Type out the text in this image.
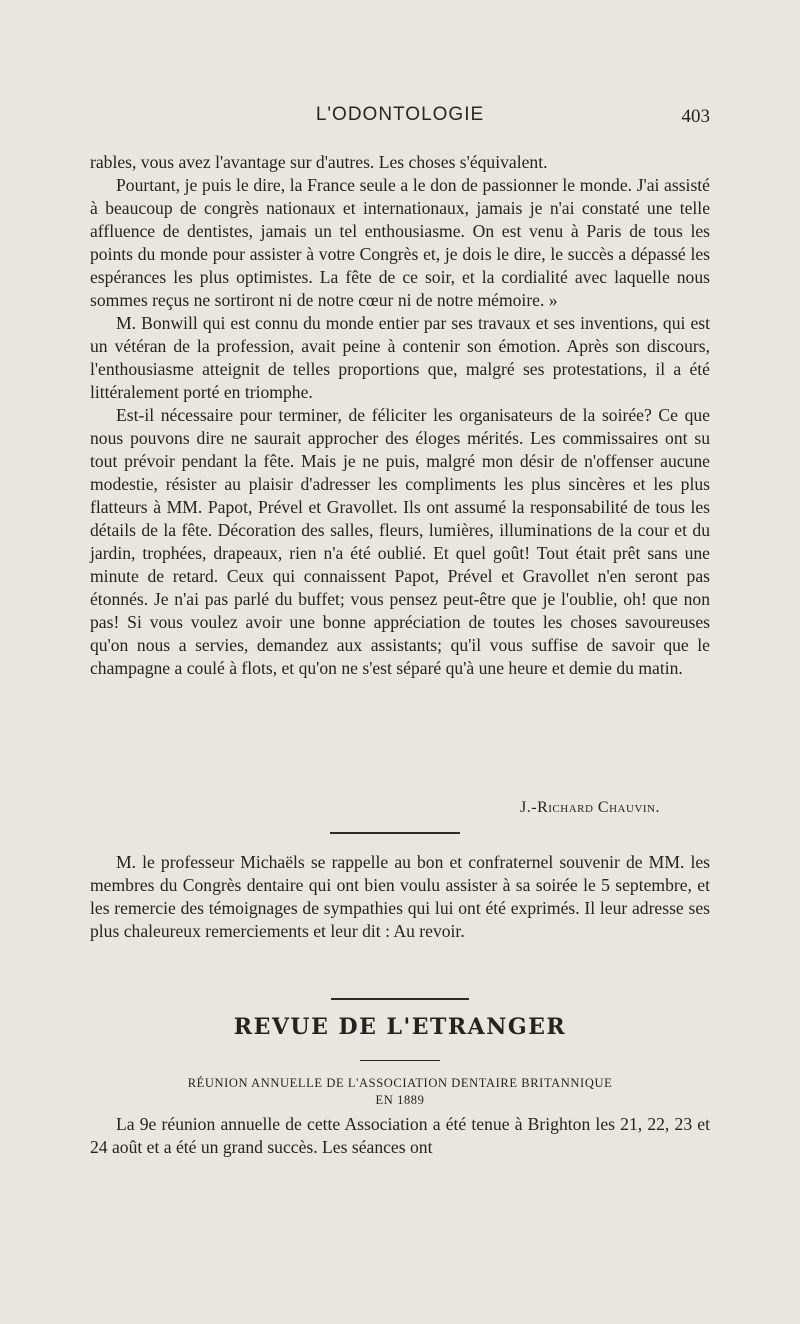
L'ODONTOLOGIE	403

rables, vous avez l'avantage sur d'autres. Les choses s'équivalent.

Pourtant, je puis le dire, la France seule a le don de passionner le monde. J'ai assisté à beaucoup de congrès nationaux et internationaux, jamais je n'ai constaté une telle affluence de dentistes, jamais un tel enthousiasme. On est venu à Paris de tous les points du monde pour assister à votre Congrès et, je dois le dire, le succès a dépassé les espérances les plus optimistes. La fête de ce soir, et la cordialité avec laquelle nous sommes reçus ne sortiront ni de notre cœur ni de notre mémoire. »

M. Bonwill qui est connu du monde entier par ses travaux et ses inventions, qui est un vétéran de la profession, avait peine à contenir son émotion. Après son discours, l'enthousiasme atteignit de telles proportions que, malgré ses protestations, il a été littéralement porté en triomphe.

Est-il nécessaire pour terminer, de féliciter les organisateurs de la soirée? Ce que nous pouvons dire ne saurait approcher des éloges mérités. Les commissaires ont su tout prévoir pendant la fête. Mais je ne puis, malgré mon désir de n'offenser aucune modestie, résister au plaisir d'adresser les compliments les plus sincères et les plus flatteurs à MM. Papot, Prével et Gravollet. Ils ont assumé la responsabilité de tous les détails de la fête. Décoration des salles, fleurs, lumières, illuminations de la cour et du jardin, trophées, drapeaux, rien n'a été oublié. Et quel goût! Tout était prêt sans une minute de retard. Ceux qui connaissent Papot, Prével et Gravollet n'en seront pas étonnés. Je n'ai pas parlé du buffet; vous pensez peut-être que je l'oublie, oh! que non pas! Si vous voulez avoir une bonne appréciation de toutes les choses savoureuses qu'on nous a servies, demandez aux assistants; qu'il vous suffise de savoir que le champagne a coulé à flots, et qu'on ne s'est séparé qu'à une heure et demie du matin.

J.-Richard Chauvin.

M. le professeur Michaëls se rappelle au bon et confraternel souvenir de MM. les membres du Congrès dentaire qui ont bien voulu assister à sa soirée le 5 septembre, et les remercie des témoignages de sympathies qui lui ont été exprimés. Il leur adresse ses plus chaleureux remerciements et leur dit : Au revoir.

REVUE DE L'ETRANGER
RÉUNION ANNUELLE DE L'ASSOCIATION DENTAIRE BRITANNIQUE
EN 1889

La 9e réunion annuelle de cette Association a été tenue à Brighton les 21, 22, 23 et 24 août et a été un grand succès. Les séances ont
